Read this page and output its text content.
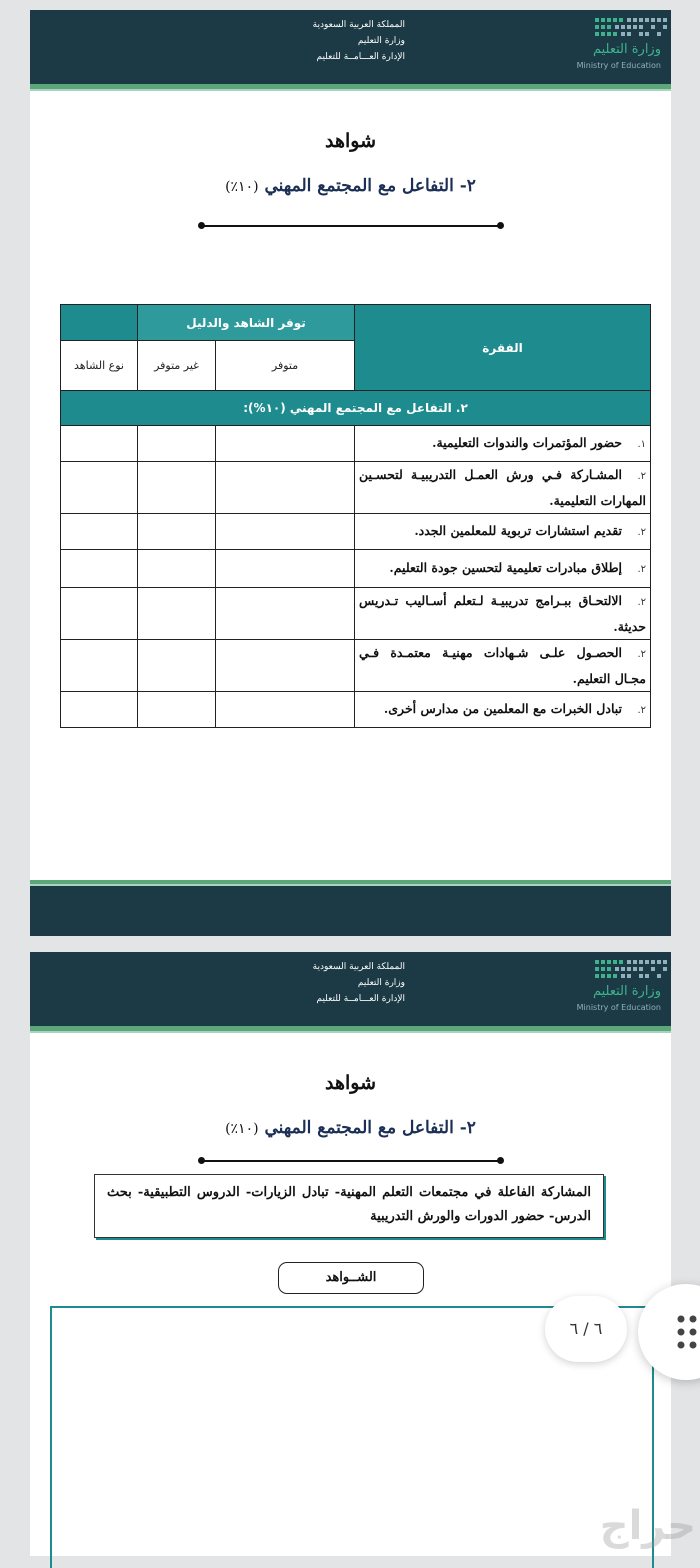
المملكة العربية السعودية
وزارة التعليم
الإدارة العـــامــة للتعليم	وزارة التعليم
Ministry of Education
شواهد
٢- التفاعل مع المجتمع المهني (١٠٪)
الفقرة	توفر الشاهد والدليل		
	متوفر	غير متوفر	نوع الشاهد
٢. التفاعل مع المجتمع المهني (١٠%):			
١.حضور المؤتمرات والندوات التعليمية.			
٢.المشـاركة فـي ورش العمـل التدريبيـة لتحسـين المهارات التعليمية.			
٢.تقديم استشارات تربوية للمعلمين الجدد.			
٢.إطلاق مبادرات تعليمية لتحسين جودة التعليم.			
٢.الالتحـاق ببـرامج تدريبيـة لـتعلم أسـاليب تـدريس حديثة.			
٢.الحصـول علـى شـهادات مهنيـة معتمـدة فـي مجـال التعليم.			
٢.تبادل الخبرات مع المعلمين من مدارس أخرى.			
المملكة العربية السعودية
وزارة التعليم
الإدارة العـــامــة للتعليم	وزارة التعليم
Ministry of Education
شواهد
٢- التفاعل مع المجتمع المهني (١٠٪)
المشاركة الفاعلة في مجتمعات التعلم المهنية- تبادل الزيارات- الدروس التطبيقية- بحث الدرس- حضور الدورات والورش التدريبية
الشــواهد
٦ / ٦
حراج
